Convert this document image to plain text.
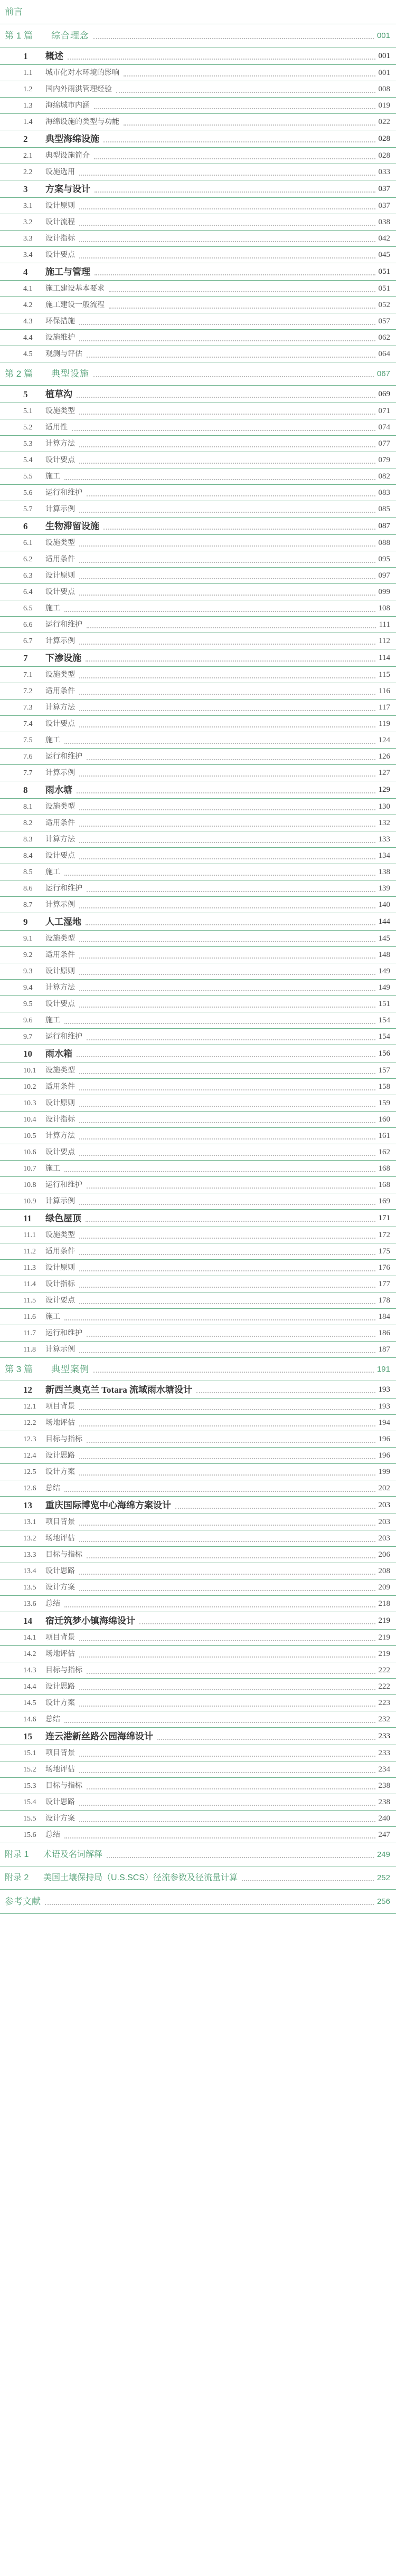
前言
第 1 篇 综合理念	001
1 概述	001
1.1 城市化对水环境的影响	001
1.2 国内外雨洪管理经验	008
1.3 海绵城市内涵	019
1.4 海绵设施的类型与功能	022
2 典型海绵设施	028
2.1 典型设施简介	028
2.2 设施选用	033
3 方案与设计	037
3.1 设计原则	037
3.2 设计流程	038
3.3 设计指标	042
3.4 设计要点	045
4 施工与管理	051
4.1 施工建设基本要求	051
4.2 施工建设一般流程	052
4.3 环保措施	057
4.4 设施维护	062
4.5 观测与评估	064
第 2 篇 典型设施	067
5 植草沟	069
5.1 设施类型	071
5.2 适用性	074
5.3 计算方法	077
5.4 设计要点	079
5.5 施工	082
5.6 运行和维护	083
5.7 计算示例	085
6 生物滞留设施	087
6.1 设施类型	088
6.2 适用条件	095
6.3 设计原则	097
6.4 设计要点	099
6.5 施工	108
6.6 运行和维护	111
6.7 计算示例	112
7 下渗设施	114
7.1 设施类型	115
7.2 适用条件	116
7.3 计算方法	117
7.4 设计要点	119
7.5 施工	124
7.6 运行和维护	126
7.7 计算示例	127
8 雨水塘	129
8.1 设施类型	130
8.2 适用条件	132
8.3 计算方法	133
8.4 设计要点	134
8.5 施工	138
8.6 运行和维护	139
8.7 计算示例	140
9 人工湿地	144
9.1 设施类型	145
9.2 适用条件	148
9.3 设计原则	149
9.4 计算方法	149
9.5 设计要点	151
9.6 施工	154
9.7 运行和维护	154
10 雨水箱	156
10.1 设施类型	157
10.2 适用条件	158
10.3 设计原则	159
10.4 设计指标	160
10.5 计算方法	161
10.6 设计要点	162
10.7 施工	168
10.8 运行和维护	168
10.9 计算示例	169
11 绿色屋顶	171
11.1 设施类型	172
11.2 适用条件	175
11.3 设计原则	176
11.4 设计指标	177
11.5 设计要点	178
11.6 施工	184
11.7 运行和维护	186
11.8 计算示例	187
第 3 篇 典型案例	191
12 新西兰奥克兰 Totara 流域雨水塘设计	193
12.1 项目背景	193
12.2 场地评估	194
12.3 目标与指标	196
12.4 设计思路	196
12.5 设计方案	199
12.6 总结	202
13 重庆国际博览中心海绵方案设计	203
13.1 项目背景	203
13.2 场地评估	203
13.3 目标与指标	206
13.4 设计思路	208
13.5 设计方案	209
13.6 总结	218
14 宿迁筑梦小镇海绵设计	219
14.1 项目背景	219
14.2 场地评估	219
14.3 目标与指标	222
14.4 设计思路	222
14.5 设计方案	223
14.6 总结	232
15 连云港新丝路公园海绵设计	233
15.1 项目背景	233
15.2 场地评估	234
15.3 目标与指标	238
15.4 设计思路	238
15.5 设计方案	240
15.6 总结	247
附录 1 术语及名词解释	249
附录 2 美国土壤保持局（U.S.SCS）径流参数及径流量计算	252
参考文献	256
